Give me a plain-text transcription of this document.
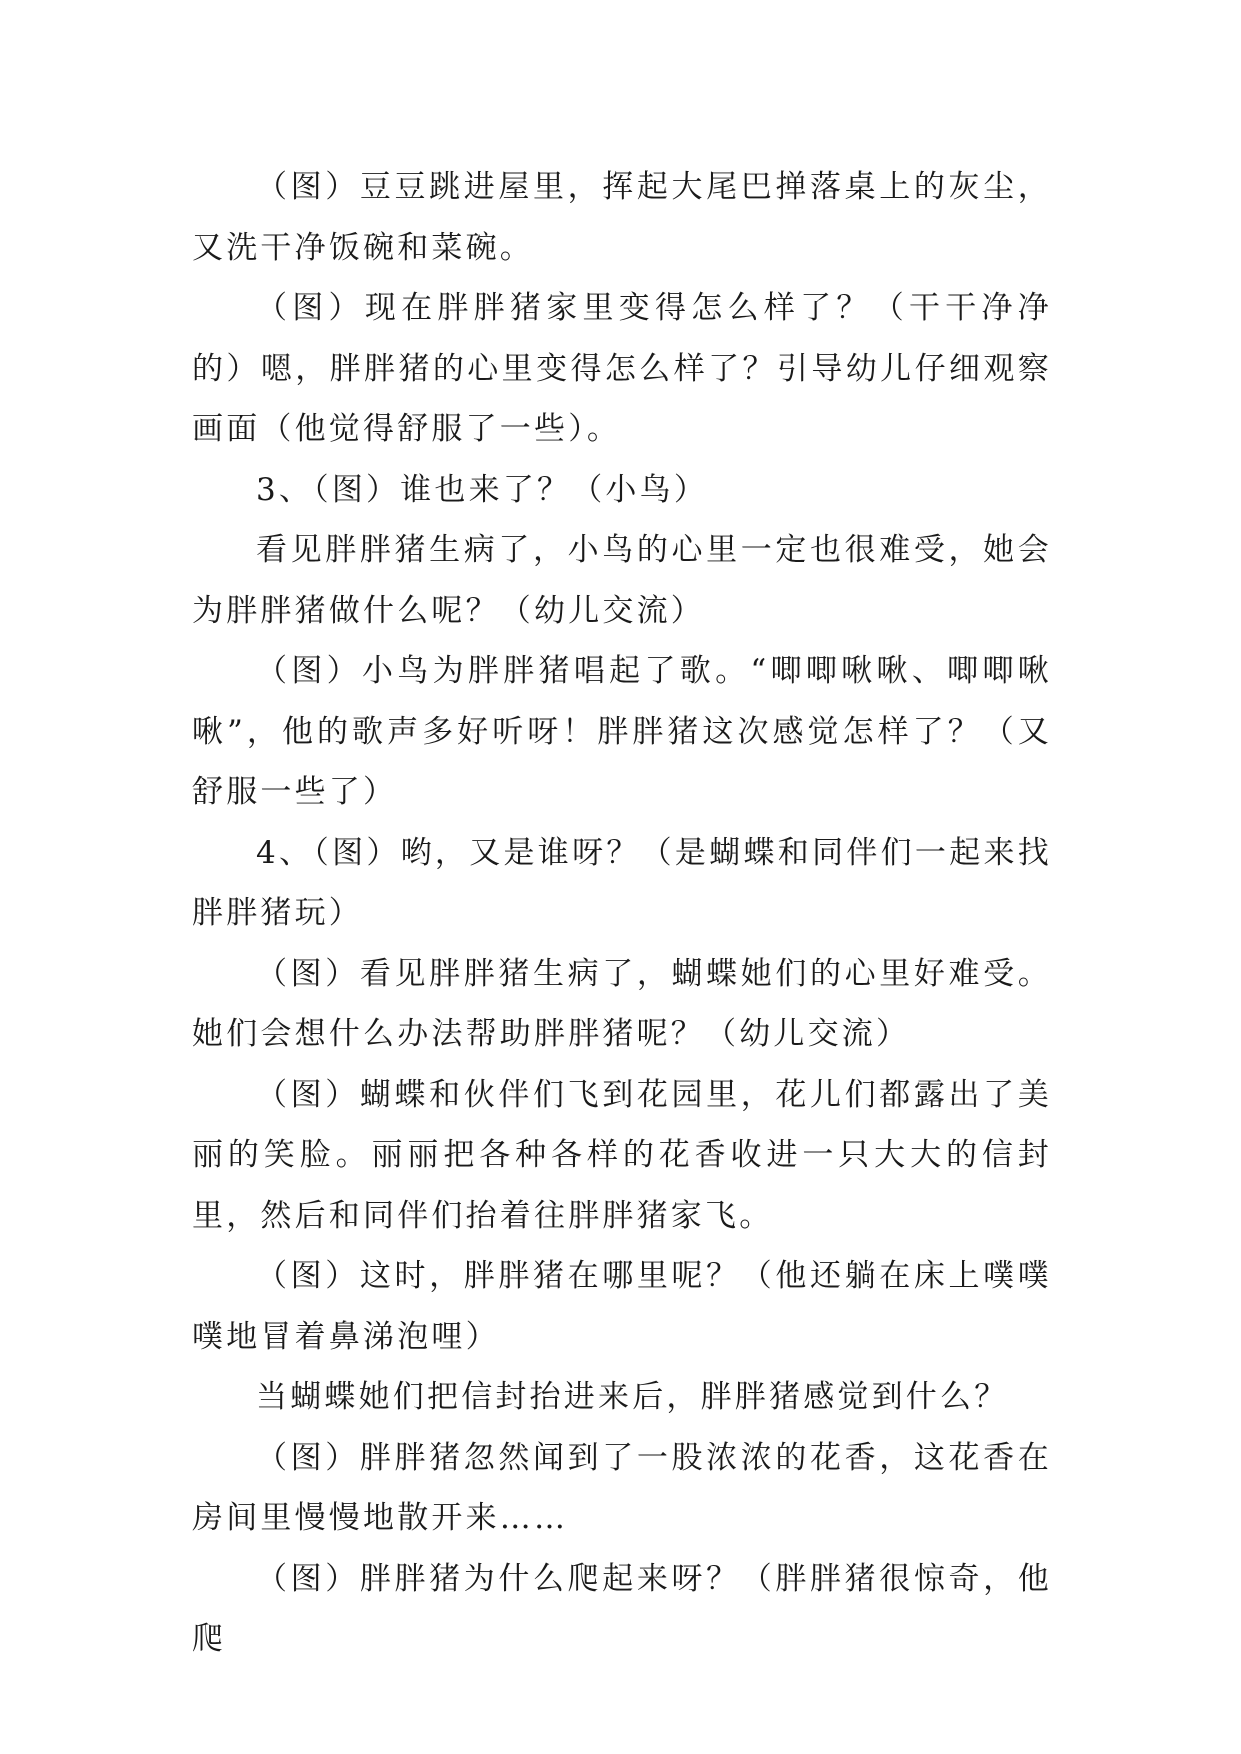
（图）豆豆跳进屋里，挥起大尾巴掸落桌上的灰尘，又洗干净饭碗和菜碗。

（图）现在胖胖猪家里变得怎么样了？（干干净净的）嗯，胖胖猪的心里变得怎么样了？引导幼儿仔细观察画面（他觉得舒服了一些）。

3、（图）谁也来了？（小鸟）

看见胖胖猪生病了，小鸟的心里一定也很难受，她会为胖胖猪做什么呢？（幼儿交流）

（图）小鸟为胖胖猪唱起了歌。“唧唧啾啾、唧唧啾啾”，他的歌声多好听呀！胖胖猪这次感觉怎样了？（又舒服一些了）

4、（图）哟，又是谁呀？（是蝴蝶和同伴们一起来找胖胖猪玩）

（图）看见胖胖猪生病了，蝴蝶她们的心里好难受。她们会想什么办法帮助胖胖猪呢？（幼儿交流）

（图）蝴蝶和伙伴们飞到花园里，花儿们都露出了美丽的笑脸。丽丽把各种各样的花香收进一只大大的信封里，然后和同伴们抬着往胖胖猪家飞。

（图）这时，胖胖猪在哪里呢？（他还躺在床上噗噗噗地冒着鼻涕泡哩）

当蝴蝶她们把信封抬进来后，胖胖猪感觉到什么？

（图）胖胖猪忽然闻到了一股浓浓的花香，这花香在房间里慢慢地散开来……

（图）胖胖猪为什么爬起来呀？（胖胖猪很惊奇，他爬
